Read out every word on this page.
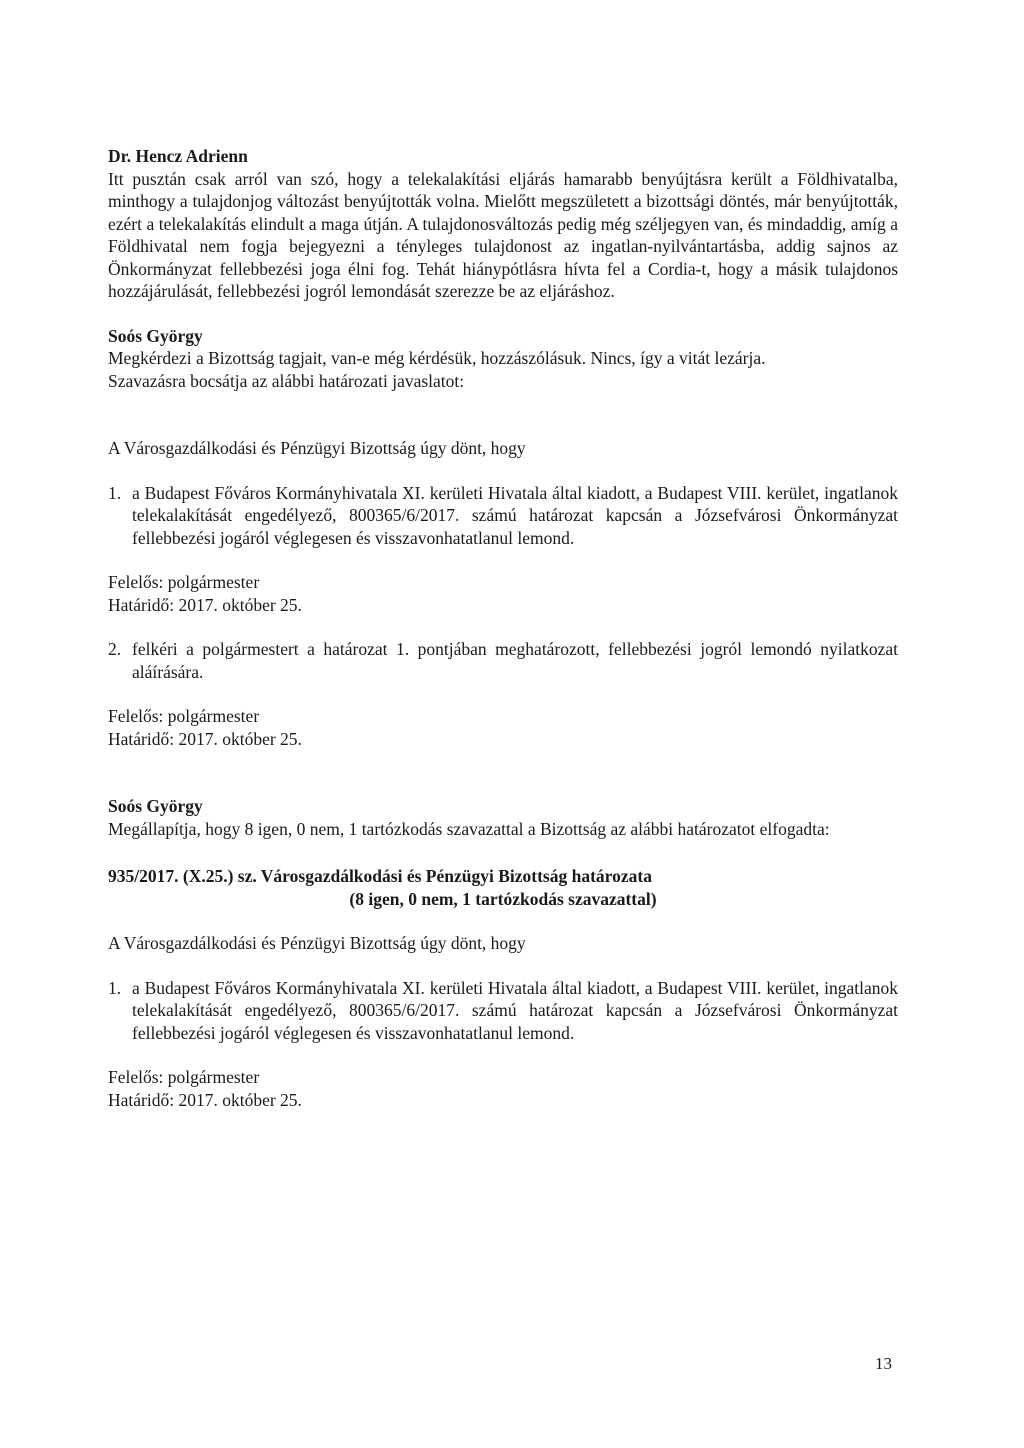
Dr. Hencz Adrienn

Itt pusztán csak arról van szó, hogy a telekalakítási eljárás hamarabb benyújtásra került a Földhivatalba, minthogy a tulajdonjog változást benyújtották volna. Mielőtt megszületett a bizottsági döntés, már benyújtották, ezért a telekalakítás elindult a maga útján. A tulajdonosváltozás pedig még széljegyen van, és mindaddig, amíg a Földhivatal nem fogja bejegyezni a tényleges tulajdonost az ingatlan-nyilvántartásba, addig sajnos az Önkormányzat fellebbezési joga élni fog. Tehát hiánypótlásra hívta fel a Cordia-t, hogy a másik tulajdonos hozzájárulását, fellebbezési jogról lemondását szerezze be az eljáráshoz.

Soós György

Megkérdezi a Bizottság tagjait, van-e még kérdésük, hozzászólásuk. Nincs, így a vitát lezárja.

Szavazásra bocsátja az alábbi határozati javaslatot:

A Városgazdálkodási és Pénzügyi Bizottság úgy dönt, hogy

1. a Budapest Főváros Kormányhivatala XI. kerületi Hivatala által kiadott, a Budapest VIII. kerület, ingatlanok telekalakítását engedélyező, 800365/6/2017. számú határozat kapcsán a Józsefvárosi Önkormányzat fellebbezési jogáról véglegesen és visszavonhatatlanul lemond.

Felelős: polgármester

Határidő: 2017. október 25.

2. felkéri a polgármestert a határozat 1. pontjában meghatározott, fellebbezési jogról lemondó nyilatkozat aláírására.

Felelős: polgármester

Határidő: 2017. október 25.

Soós György

Megállapítja, hogy 8 igen, 0 nem, 1 tartózkodás szavazattal a Bizottság az alábbi határozatot elfogadta:

935/2017. (X.25.) sz. Városgazdálkodási és Pénzügyi Bizottság határozata

(8 igen, 0 nem, 1 tartózkodás szavazattal)

A Városgazdálkodási és Pénzügyi Bizottság úgy dönt, hogy

1. a Budapest Főváros Kormányhivatala XI. kerületi Hivatala által kiadott, a Budapest VIII. kerület, ingatlanok telekalakítását engedélyező, 800365/6/2017. számú határozat kapcsán a Józsefvárosi Önkormányzat fellebbezési jogáról véglegesen és visszavonhatatlanul lemond.

Felelős: polgármester

Határidő: 2017. október 25.

13
